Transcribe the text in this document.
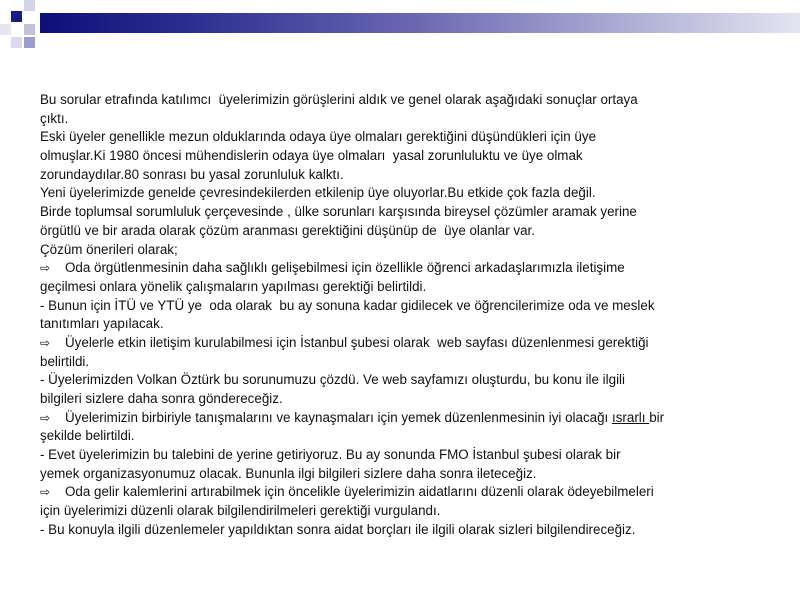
Bu sorular etrafında katılımcı  üyelerimizin görüşlerini aldık ve genel olarak aşağıdaki sonuçlar ortaya
çıktı.
Eski üyeler genellikle mezun olduklarında odaya üye olmaları gerektiğini düşündükleri için üye
olmuşlar.Ki 1980 öncesi mühendislerin odaya üye olmaları  yasal zorunluluktu ve üye olmak
zorundaydılar.80 sonrası bu yasal zorunluluk kalktı.
Yeni üyelerimizde genelde çevresindekilerden etkilenip üye oluyorlar.Bu etkide çok fazla değil.
Birde toplumsal sorumluluk çerçevesinde , ülke sorunları karşısında bireysel çözümler aramak yerine
örgütlü ve bir arada olarak çözüm aranması gerektiğini düşünüp de  üye olanlar var.
Çözüm önerileri olarak;
⇨ Oda örgütlenmesinin daha sağlıklı gelişebilmesi için özellikle öğrenci arkadaşlarımızla iletişime
geçilmesi onlara yönelik çalışmaların yapılması gerektiği belirtildi.
- Bunun için İTÜ ve YTÜ ye  oda olarak  bu ay sonuna kadar gidilecek ve öğrencilerimize oda ve meslek
tanıtımları yapılacak.
⇨ Üyelerle etkin iletişim kurulabilmesi için İstanbul şubesi olarak  web sayfası düzenlenmesi gerektiği
belirtildi.
- Üyelerimizden Volkan Öztürk bu sorunumuzu çözdü. Ve web sayfamızı oluşturdu, bu konu ile ilgili
bilgileri sizlere daha sonra göndereceğiz.
⇨ Üyelerimizin birbiriyle tanışmalarını ve kaynaşmaları için yemek düzenlenmesinin iyi olacağı ısrarlı bir
şekilde belirtildi.
- Evet üyelerimizin bu talebini de yerine getiriyoruz. Bu ay sonunda FMO İstanbul şubesi olarak bir
yemek organizasyonumuz olacak. Bununla ilgi bilgileri sizlere daha sonra ileteceğiz.
⇨ Oda gelir kalemlerini artırabilmek için öncelikle üyelerimizin aidatlarını düzenli olarak ödeyebilmeleri
için üyelerimizi düzenli olarak bilgilendirilmeleri gerektiği vurgulandı.
- Bu konuyla ilgili düzenlemeler yapıldıktan sonra aidat borçları ile ilgili olarak sizleri bilgilendireceğiz.
